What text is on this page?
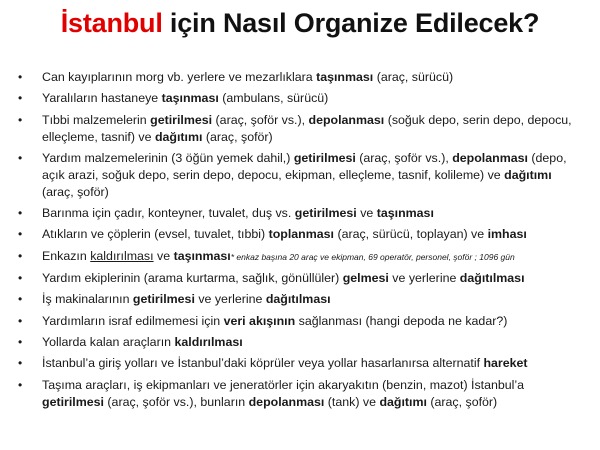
İstanbul için Nasıl Organize Edilecek?
• Can kayıplarının morg vb. yerlere ve mezarlıklara taşınması (araç, sürücü)
• Yaralıların hastaneye taşınması (ambulans, sürücü)
• Tıbbi malzemelerin getirilmesi (araç, şoför vs.), depolanması (soğuk depo, serin depo, depocu, elleçleme, tasnif) ve dağıtımı (araç, şoför)
• Yardım malzemelerinin (3 öğün yemek dahil,) getirilmesi (araç, şoför vs.), depolanması (depo, açık arazi, soğuk depo, serin depo, depocu, ekipman, elleçleme, tasnif, kolileme) ve dağıtımı (araç, şoför)
• Barınma için çadır, konteyner, tuvalet, duş vs. getirilmesi ve taşınması
• Atıkların ve çöplerin (evsel, tuvalet, tıbbi) toplanması (araç, sürücü, toplayan) ve imhası
• Enkazın kaldırılması ve taşınması* enkaz başına 20 araç ve ekipman, 69 operatör, personel, şoför ; 1096 gün
• Yardım ekiplerinin (arama kurtarma, sağlık, gönüllüler) gelmesi ve yerlerine dağıtılması
• İş makinalarının getirilmesi ve yerlerine dağıtılması
• Yardımların israf edilmemesi için veri akışının sağlanması (hangi depoda ne kadar?)
• Yollarda kalan araçların kaldırılması
• İstanbul’a giriş yolları ve İstanbul’daki köprüler veya yollar hasarlanırsa alternatif hareket
• Taşıma araçları, iş ekipmanları ve jeneratörler için akaryakıtın (benzin, mazot) İstanbul’a getirilmesi (araç, şoför vs.), bunların depolanması (tank) ve dağıtımı (araç, şoför)
